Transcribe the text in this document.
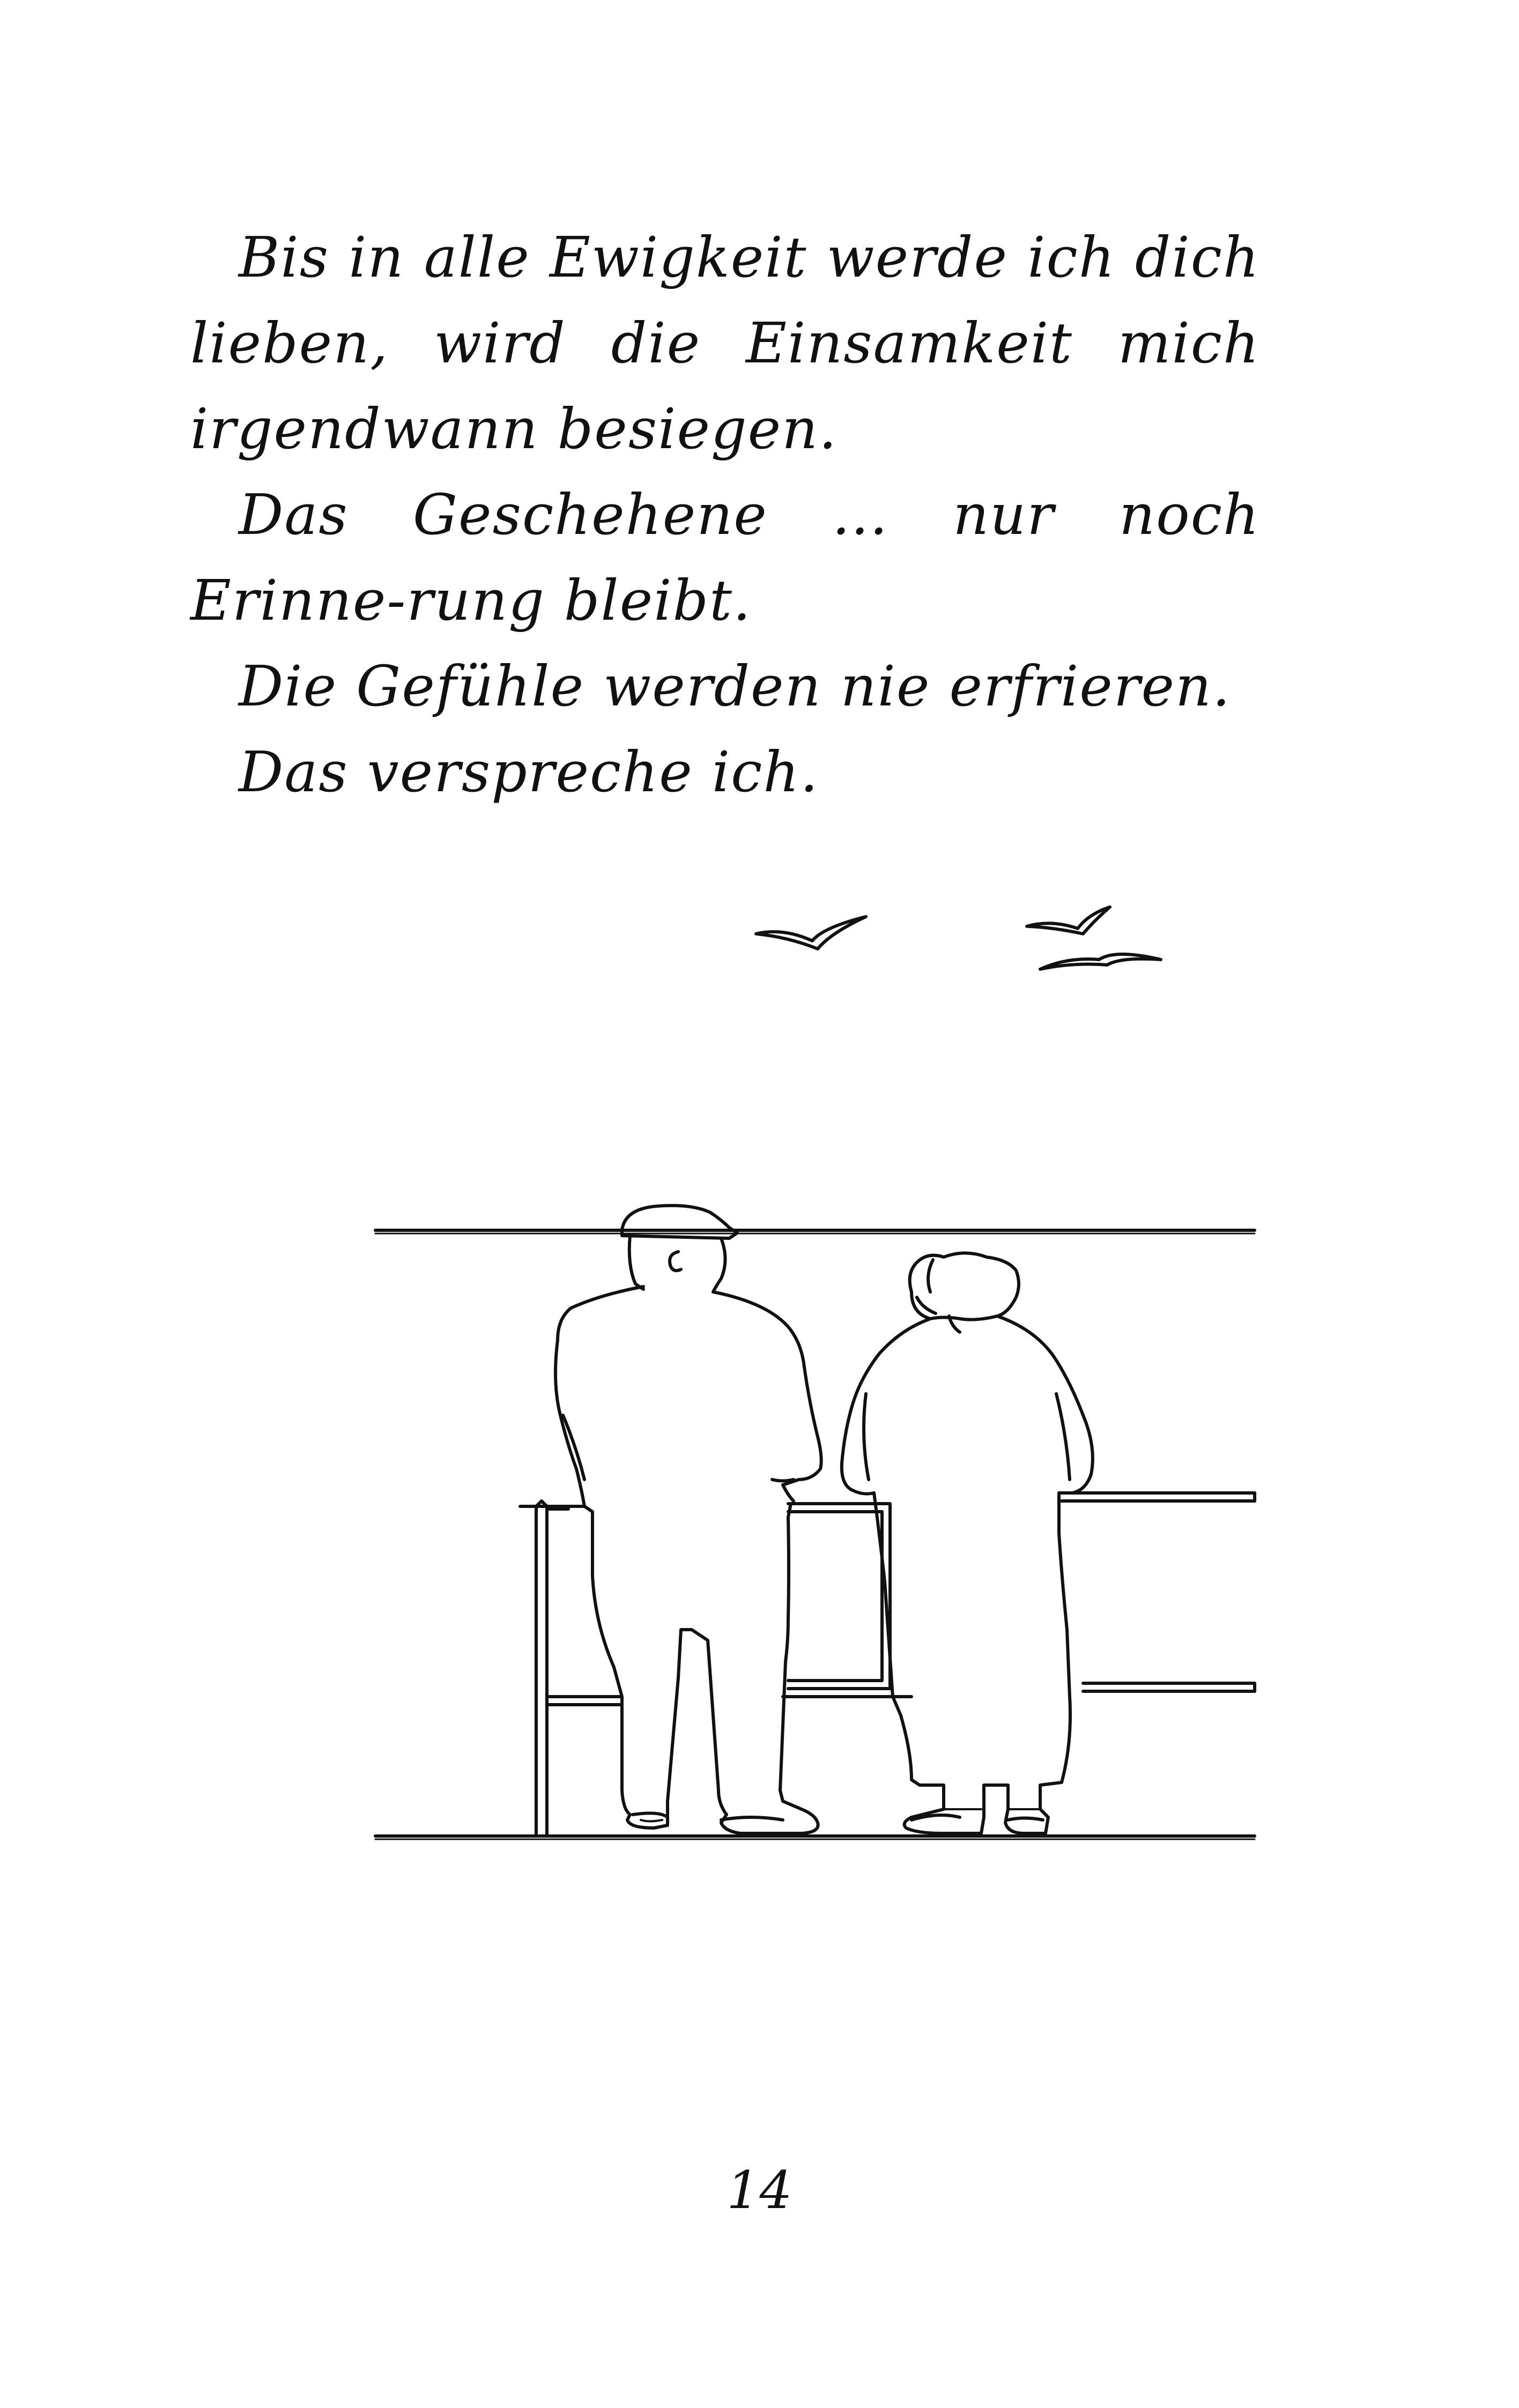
Bis in alle Ewigkeit werde ich dich lieben, wird die Einsamkeit mich irgendwann besiegen.

Das Geschehene ... nur noch Erinne-rung bleibt.

Die Gefühle werden nie erfrieren.

Das verspreche ich.

14
